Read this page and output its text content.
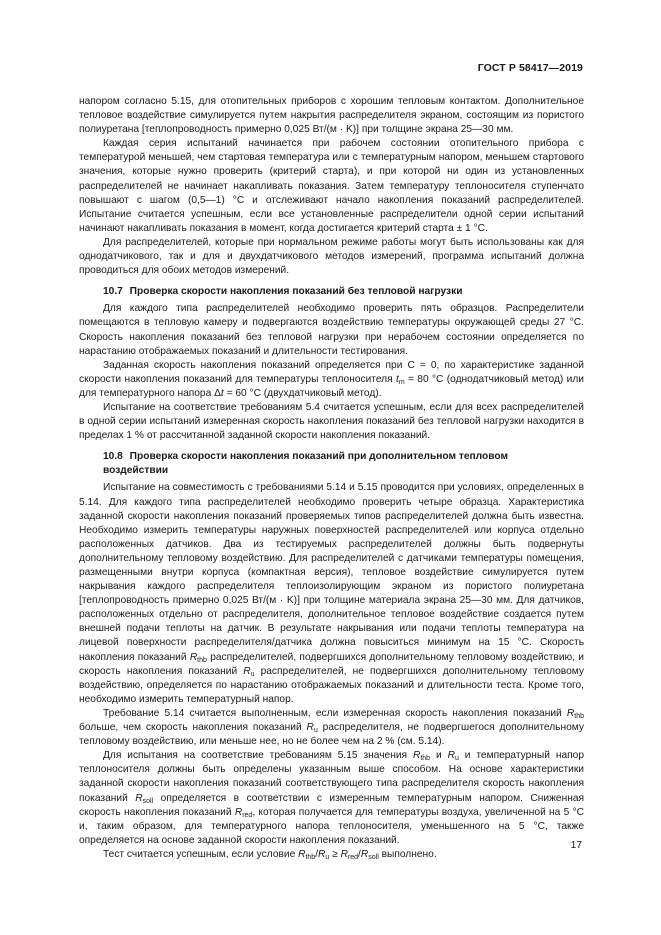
ГОСТ Р 58417—2019

напором согласно 5.15, для отопительных приборов с хорошим тепловым контактом. Дополнительное тепловое воздействие симулируется путем накрытия распределителя экраном, состоящим из пористого полиуретана [теплопроводность примерно 0,025 Вт/(м · K)] при толщине экрана 25—30 мм.

Каждая серия испытаний начинается при рабочем состоянии отопительного прибора с температурой меньшей, чем стартовая температура или с температурным напором, меньшем стартового значения, которые нужно проверить (критерий старта), и при которой ни один из установленных распределителей не начинает накапливать показания. Затем температуру теплоносителя ступенчато повышают с шагом (0,5—1) °С и отслеживают начало накопления показаний распределителей. Испытание считается успешным, если все установленные распределители одной серии испытаний начинают накапливать показания в момент, когда достигается критерий старта ± 1 °С.

Для распределителей, которые при нормальном режиме работы могут быть использованы как для однодатчикового, так и для и двухдатчикового методов измерений, программа испытаний должна проводиться для обоих методов измерений.

10.7 Проверка скорости накопления показаний без тепловой нагрузки

Для каждого типа распределителей необходимо проверить пять образцов. Распределители помещаются в тепловую камеру и подвергаются воздействию температуры окружающей среды 27 °С. Скорость накопления показаний без тепловой нагрузки при нерабочем состоянии определяется по нарастанию отображаемых показаний и длительности тестирования.

Заданная скорость накопления показаний определяется при C = 0, по характеристике заданной скорости накопления показаний для температуры теплоносителя $t_m = 80$ °С (однодатчиковый метод) или для температурного напора Δt = 60 °С (двухдатчиковый метод).

Испытание на соответствие требованиям 5.4 считается успешным, если для всех распределителей в одной серии испытаний измеренная скорость накопления показаний без тепловой нагрузки находится в пределах 1 % от рассчитанной заданной скорости накопления показаний.

10.8 Проверка скорости накопления показаний при дополнительном тепловом
воздействии

Испытание на совместимость с требованиями 5.14 и 5.15 проводится при условиях, определенных в 5.14. Для каждого типа распределителей необходимо проверить четыре образца. Характеристика заданной скорости накопления показаний проверяемых типов распределителей должна быть известна. Необходимо измерить температуры наружных поверхностей распределителей или корпуса отдельно расположенных датчиков. Два из тестируемых распределителей должны быть подвернуты дополнительному тепловому воздействию. Для распределителей с датчиками температуры помещения, размещенными внутри корпуса (компактная версия), тепловое воздействие симулируется путем накрывания каждого распределителя теплоизолирующим экраном из пористого полиуретана [теплопроводность примерно 0,025 Вт/(м · K)] при толщине материала экрана 25—30 мм. Для датчиков, расположенных отдельно от распределителя, дополнительное тепловое воздействие создается путем внешней подачи теплоты на датчик. В результате накрывания или подачи теплоты температура на лицевой поверхности распределителя/датчика должна повыситься минимум на 15 °С. Скорость накопления показаний $R_{thb}$ распределителей, подвергшихся дополнительному тепловому воздействию, и скорость накопления показаний $R_u$ распределителей, не подвергшихся дополнительному тепловому воздействию, определяется по нарастанию отображаемых показаний и длительности теста. Кроме того, необходимо измерить температурный напор.

Требование 5.14 считается выполненным, если измеренная скорость накопления показаний $R_{thb}$ больше, чем скорость накопления показаний $R_u$ распределителя, не подвергшегося дополнительному тепловому воздействию, или меньше нее, но не более чем на 2 % (см. 5.14).

Для испытания на соответствие требованиям 5.15 значения $R_{thb}$ и $R_u$ и температурный напор теплоносителя должны быть определены указанным выше способом. На основе характеристики заданной скорости накопления показаний соответствующего типа распределителя скорость накопления показаний $R_{soll}$ определяется в соответствии с измеренным температурным напором. Сниженная скорость накопления показаний $R_{red}$, которая получается для температуры воздуха, увеличенной на 5 °С и, таким образом, для температурного напора теплоносителя, уменьшенного на 5 °С, также определяется на основе заданной скорости накопления показаний.

Тест считается успешным, если условие $R_{thb}/R_u \ge R_{red}/R_{soll}$ выполнено.

17
